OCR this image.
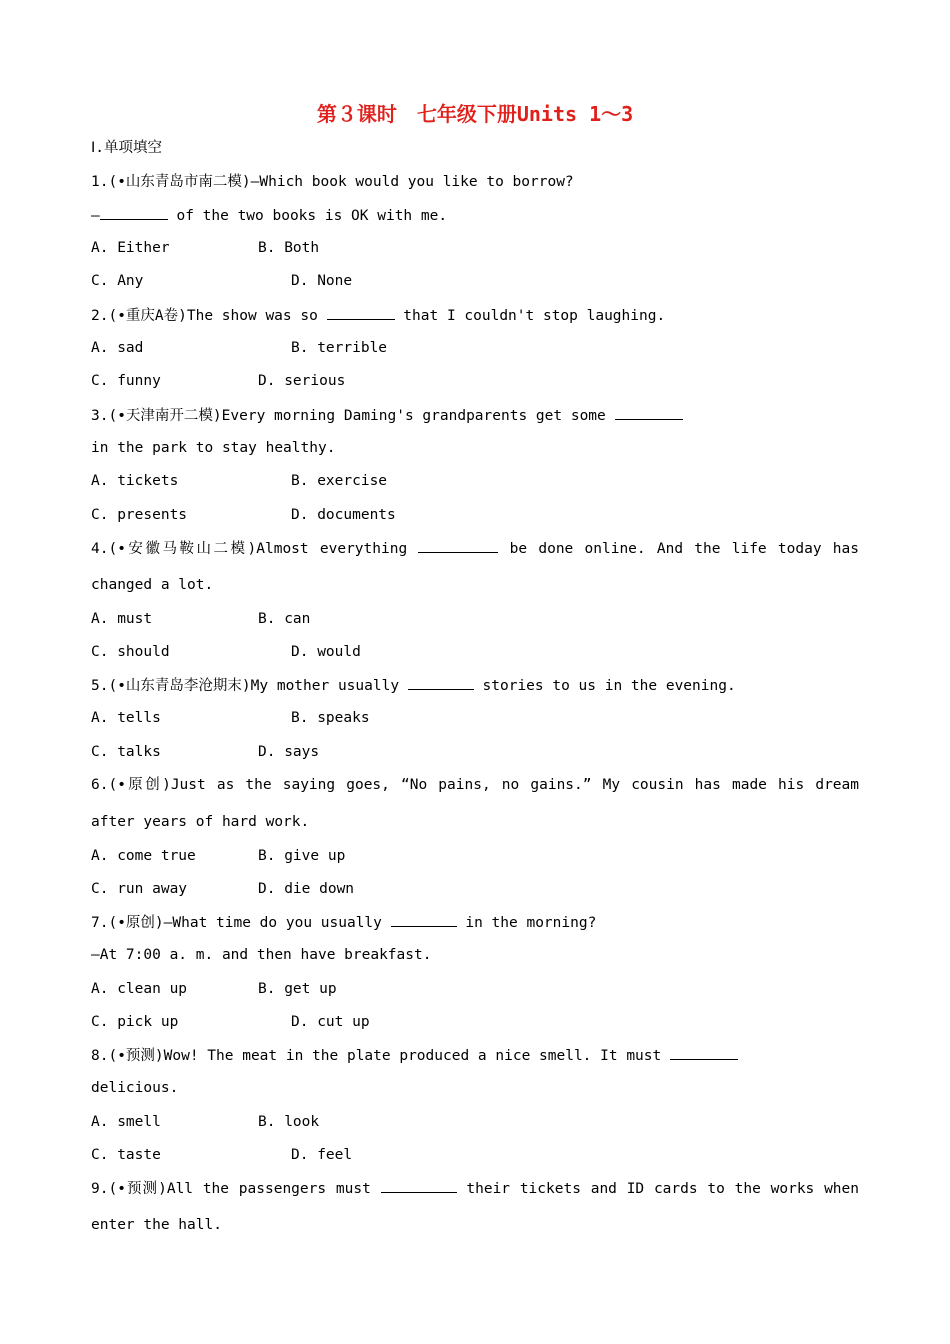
第３课时　七年级下册Units 1～3
Ⅰ.单项填空
1.(•山东青岛市南二模)—Which book would you like to borrow?
—	of the two books is OK with me.
A. Either	B. Both
C. Any	D. None
2.(•重庆A卷)The show was so	that I couldn't stop laughing.
A. sad	B. terrible
C. funny	D. serious
3.(•天津南开二模)Every morning Daming's grandparents get some
in the park to stay healthy.
A. tickets	B. exercise
C. presents	D. documents
4.(•安徽马鞍山二模)Almost everything	be done online. And the life today has
changed a lot.
A. must	B. can
C. should	D. would
5.(•山东青岛李沧期末)My mother usually	stories to us in the evening.
A. tells	B. speaks
C. talks	D. says
6.(•原创)Just as the saying goes, “No pains, no gains.” My cousin has made his dream
after years of hard work.
A. come true	B. give up
C. run away	D. die down
7.(•原创)—What time do you usually	in the morning?
—At 7:00 a. m. and then have breakfast.
A. clean up	B. get up
C. pick up	D. cut up
8.(•预测)Wow! The meat in the plate produced a nice smell. It must
delicious.
A. smell	B. look
C. taste	D. feel
9.(•预测)All the passengers must	their tickets and ID cards to the works when
enter the hall.
